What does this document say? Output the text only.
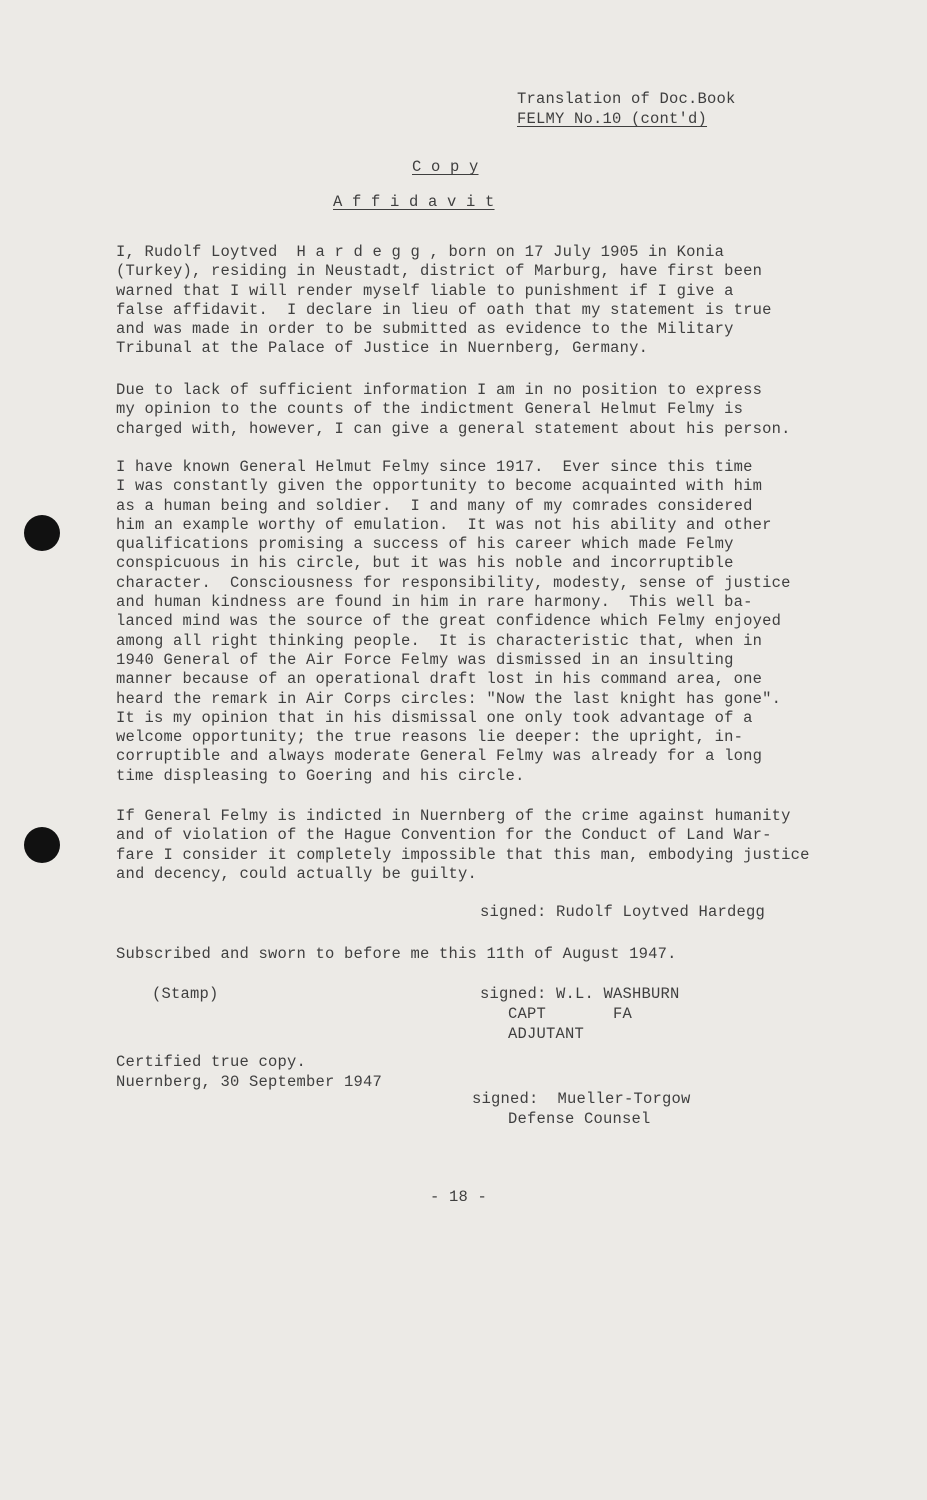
Translation of Doc.Book
FELMY No.10 (cont'd)
C o p y
A f f i d a v i t
I, Rudolf Loytved  H a r d e g g , born on 17 July 1905 in Konia
(Turkey), residing in Neustadt, district of Marburg, have first been
warned that I will render myself liable to punishment if I give a
false affidavit.  I declare in lieu of oath that my statement is true
and was made in order to be submitted as evidence to the Military
Tribunal at the Palace of Justice in Nuernberg, Germany.
Due to lack of sufficient information I am in no position to express
my opinion to the counts of the indictment General Helmut Felmy is
charged with, however, I can give a general statement about his person.
I have known General Helmut Felmy since 1917.  Ever since this time
I was constantly given the opportunity to become acquainted with him
as a human being and soldier.  I and many of my comrades considered
him an example worthy of emulation.  It was not his ability and other
qualifications promising a success of his career which made Felmy
conspicuous in his circle, but it was his noble and incorruptible
character.  Consciousness for responsibility, modesty, sense of justice
and human kindness are found in him in rare harmony.  This well ba-
lanced mind was the source of the great confidence which Felmy enjoyed
among all right thinking people.  It is characteristic that, when in
1940 General of the Air Force Felmy was dismissed in an insulting
manner because of an operational draft lost in his command area, one
heard the remark in Air Corps circles: "Now the last knight has gone".
It is my opinion that in his dismissal one only took advantage of a
welcome opportunity; the true reasons lie deeper: the upright, in-
corruptible and always moderate General Felmy was already for a long
time displeasing to Goering and his circle.
If General Felmy is indicted in Nuernberg of the crime against humanity
and of violation of the Hague Convention for the Conduct of Land War-
fare I consider it completely impossible that this man, embodying justice
and decency, could actually be guilty.
signed: Rudolf Loytved Hardegg
Subscribed and sworn to before me this 11th of August 1947.
(Stamp)	signed: W.L. WASHBURN
CAPT	FA
ADJUTANT
Certified true copy.
Nuernberg, 30 September 1947
signed:  Mueller-Torgow
Defense Counsel
- 18 -
